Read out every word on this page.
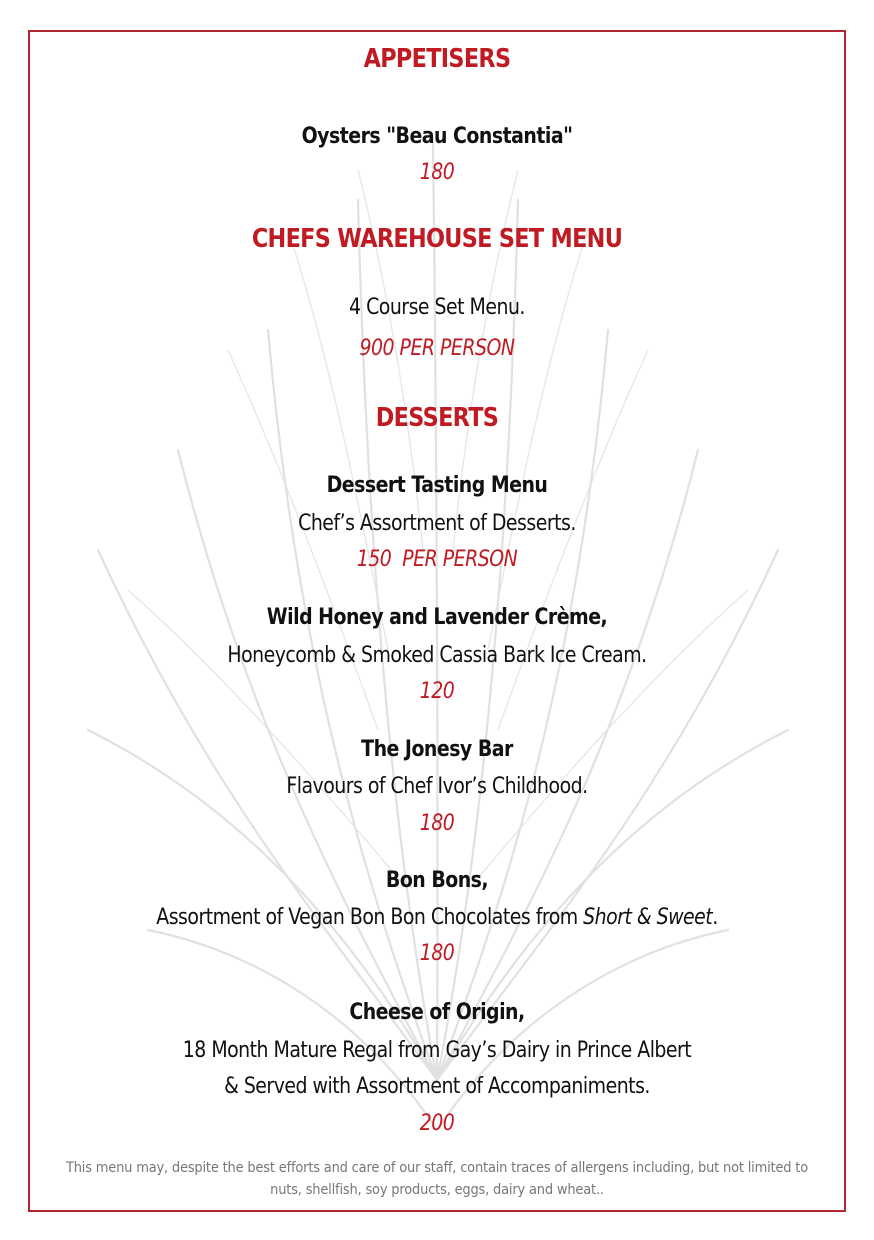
APPETISERS
Oysters "Beau Constantia"
180
CHEFS WAREHOUSE SET MENU
4 Course Set Menu.
900 PER PERSON
DESSERTS
Dessert Tasting Menu
Chef’s Assortment of Desserts.
150  PER PERSON
Wild Honey and Lavender Crème,
Honeycomb & Smoked Cassia Bark Ice Cream.
120
The Jonesy Bar
Flavours of Chef Ivor’s Childhood.
180
Bon Bons,
Assortment of Vegan Bon Bon Chocolates from Short & Sweet.
180
Cheese of Origin,
18 Month Mature Regal from Gay’s Dairy in Prince Albert
& Served with Assortment of Accompaniments.
200
This menu may, despite the best efforts and care of our staff, contain traces of allergens including, but not limited to
nuts, shellfish, soy products, eggs, dairy and wheat..
